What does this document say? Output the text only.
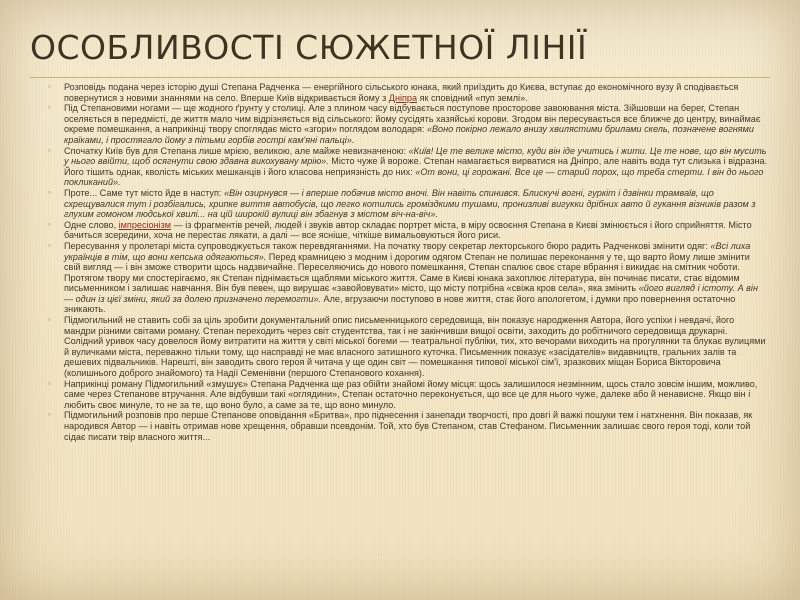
ОСОБЛИВОСТІ СЮЖЕТНОЇ ЛІНІЇ
▫ Розповідь подана через історію душі Степана Радченка — енергійного сільського юнака, який приїздить до Києва, вступає до економічного вузу й сподівається повернутися з новими знаннями на село. Вперше Київ відкривається йому з Дніпра як сповідний «пуп землі».
▫ Під Степановими ногами — ще жодного ґрунту у столиці. Але з плином часу відбувається поступове просторове завоювання міста. Зійшовши на берег, Степан оселяється в передмісті, де життя мало чим відрізняється від сільського: йому сусідять хазяйські корови. Згодом він пересувається все ближче до центру, винаймає окреме помешкання, а наприкінці твору споглядає місто «згори» поглядом володаря: «Воно покірно лежало внизу хвилястими брилами скель, позначене вогнями країками, і простягало йому з пітьми горбів гострі кам'яні пальці».
▫ Спочатку Київ був для Степана лише мрією, великою, але майже невизначеною: «Київ! Це те велике місто, куди він іде учитись і жити. Це те нове, що він мусить у нього ввійти, щоб осягнути свою здавна викохувану мрію». Місто чуже й вороже. Степан намагається вирватися на Дніпро, але навіть вода тут слизька і відразна. Його тішить однак, кволість міських мешканців і його класова неприязність до них: «От вони, ці горожані. Все це — старий порох, що треба стерти. І він до нього покликаний».
▫ Проте... Саме тут місто йде в наступ: «Він озирнувся — і вперше побачив місто вночі. Він навіть спинився. Блискучі вогні, гуркіт і дзвінки трамваїв, що схрещувалися тут і розбігались, хрипке виття автобусів, що легко котились громіздкими тушами, пронизливі вигукки дрібних авто й гукання візників разом з глухим гомоном людської хвилі... на цій широкій вулиці він збагнув з містом віч-на-віч».
▫ Одне слово, імпресіонізм — із фрагментів речей, людей і звуків автор складає портрет міста, в міру освоєння Степана в Києві змінюється і його сприйняття. Місто бачиться зсередини, хоча не перестає лякати, а далі — все ясніше, чіткіше вимальовуються його риси.
▫ Пересування у пролетарі міста супроводжується також перевдяганнями. На початку твору секретар лекторського бюро радить Радченкові змінити одяг: «Всі лиха українців в тім, що вони кепська одягаються». Перед крамницею з модним і дорогим одягом Степан не полишає переконання у те, що варто йому лише змінити свій вигляд — і він зможе створити щось надзвичайне. Переселяючись до нового помешкання, Степан спалює своє старе вбрання і викидає на смітник чоботи. Протягом твору ми спостерігаємо, як Степан піднімається щаблями міського життя. Саме в Києві юнака захоплює література, він починає писати, стає відомим письменником і залишає навчання. Він був певен, що вирушає «завойовувати» місто, що місту потрібна «свіжа кров села», яка змінить «його вигляд і істоту. А він — один із цієї зміни, який за долею призначено перемогти». Але, вгрузаючи поступово в нове життя, стає його апологетом, і думки про повернення остаточно зникають.
▫ Підмогильний не ставить собі за ціль зробити документальний опис письменницького середовища, він показує народження Автора, його успіхи і невдачі, його мандри різними світами роману. Степан переходить через світ студентства, так і не закінчивши вищої освіти, заходить до робітничого середовища друкарні. Солідний уривок часу довелося йому витратити на життя у світі міської богеми — театральної публіки, тих, хто вечорами виходить на прогулянки та блукає вулицями й вуличками міста, переважно тільки тому, що насправді не має власного затишного куточка. Письменник показує «засідателів» видавництв, гральних залів та дешевих підвальчиків. Нарешті, він заводить свого героя й читача у ще один світ — помешкання типової міської сім'ї, зразкових міщан Бориса Вікторовича (колишнього доброго знайомого) та Надії Семенівни (першого Степанового кохання).
▫ Наприкінці роману Підмогильний «змушує» Степана Радченка ще раз обійти знайомі йому місця: щось залишилося незмінним, щось стало зовсім іншим, можливо, саме через Степанове втручання. Але відбувши такі «оглядини», Степан остаточно переконується, що все це для нього чуже, далеке або й ненависне. Якщо він і любить своє минуле, то не за те, що воно було, а саме за те, що воно минуло.
▫ Підмогильний розповів про перше Степанове оповідання «Бритва», про піднесення і занепади творчості, про довгі й важкі пошуки тем і натхнення. Він показав, як народився Автор — і навіть отримав нове хрещення, обравши псевдонім. Той, хто був Степаном, став Стефаном. Письменник залишає свого героя тоді, коли той сідає писати твір власного життя...
